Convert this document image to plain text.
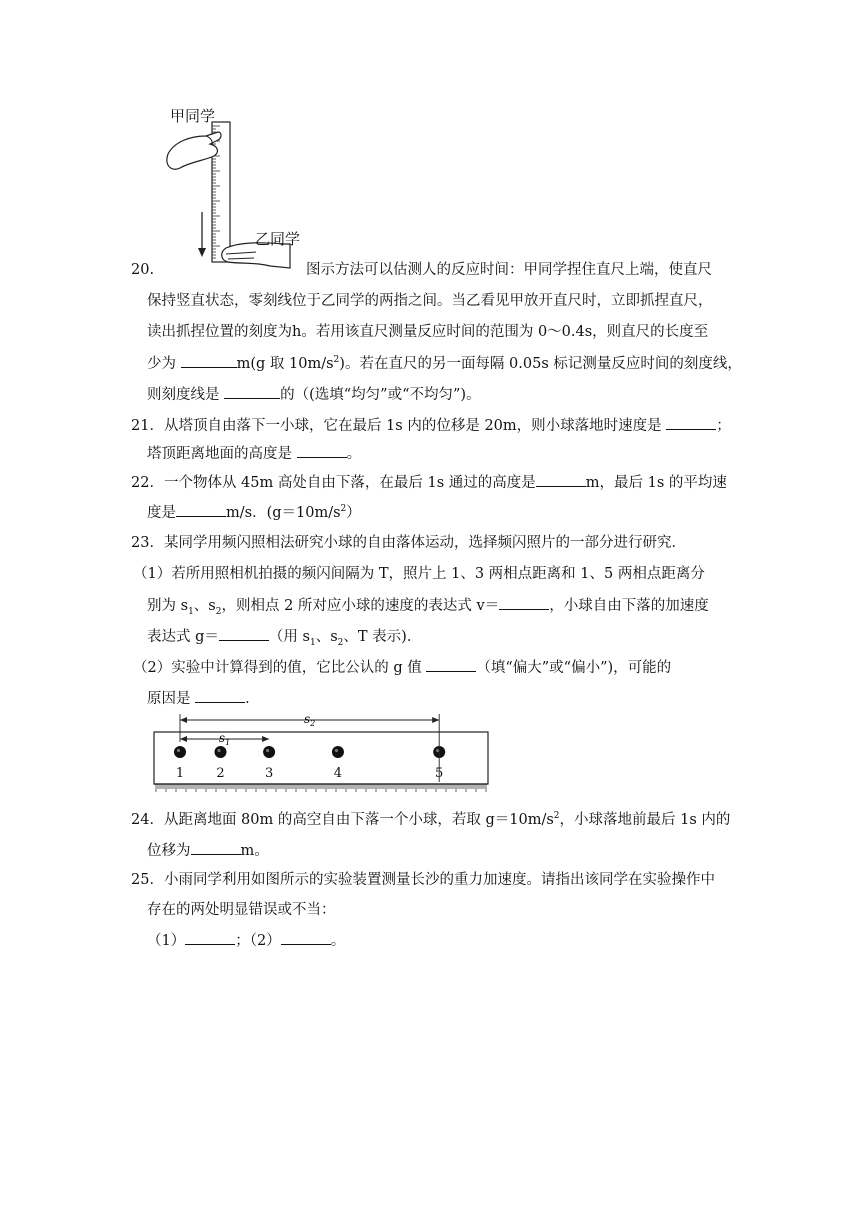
甲同学
乙同学
20.	图示方法可以估测人的反应时间：甲同学捏住直尺上端，使直尺
保持竖直状态，零刻线位于乙同学的两指之间。当乙看见甲放开直尺时，立即抓捏直尺，
读出抓捏位置的刻度为h。若用该直尺测量反应时间的范围为 0～0.4s，则直尺的长度至
少为	m(g 取 $10m/s^2$)。若在直尺的另一面每隔 0.05s 标记测量反应时间的刻度线，
则刻度线是	的（(选填“均匀”或“不均匀”)。
21．从塔顶自由落下一小球，它在最后 1s 内的位移是 20m，则小球落地时速度是	；
塔顶距离地面的高度是	。
22．一个物体从 45m 高处自由下落，在最后 1s 通过的高度是	m，最后 1s 的平均速
度是	m/s．$(g=10m/s^2)$
23．某同学用频闪照相法研究小球的自由落体运动，选择频闪照片的一部分进行研究．
（1）若所用照相机拍摄的频闪间隔为 T，照片上 1、3 两相点距离和 1、5 两相点距离分
别为 $s_1$、$s_2$，则相点 2 所对应小球的速度的表达式 v＝	，小球自由下落的加速度
表达式 g＝	（用 $s_1$、$s_2$、T 表示)．
（2）实验中计算得到的值，它比公认的 g 值	（填“偏大”或“偏小”)，可能的
原因是	．
1 2	3	4	5
$s_2$
$s_1$
24．从距离地面 80m 的高空自由下落一个小球，若取 $g=10m/s^2$，小球落地前最后 1s 内的
位移为	m。
25．小雨同学利用如图所示的实验装置测量长沙的重力加速度。请指出该同学在实验操作中
存在的两处明显错误或不当：
（1）	；（2）	。
